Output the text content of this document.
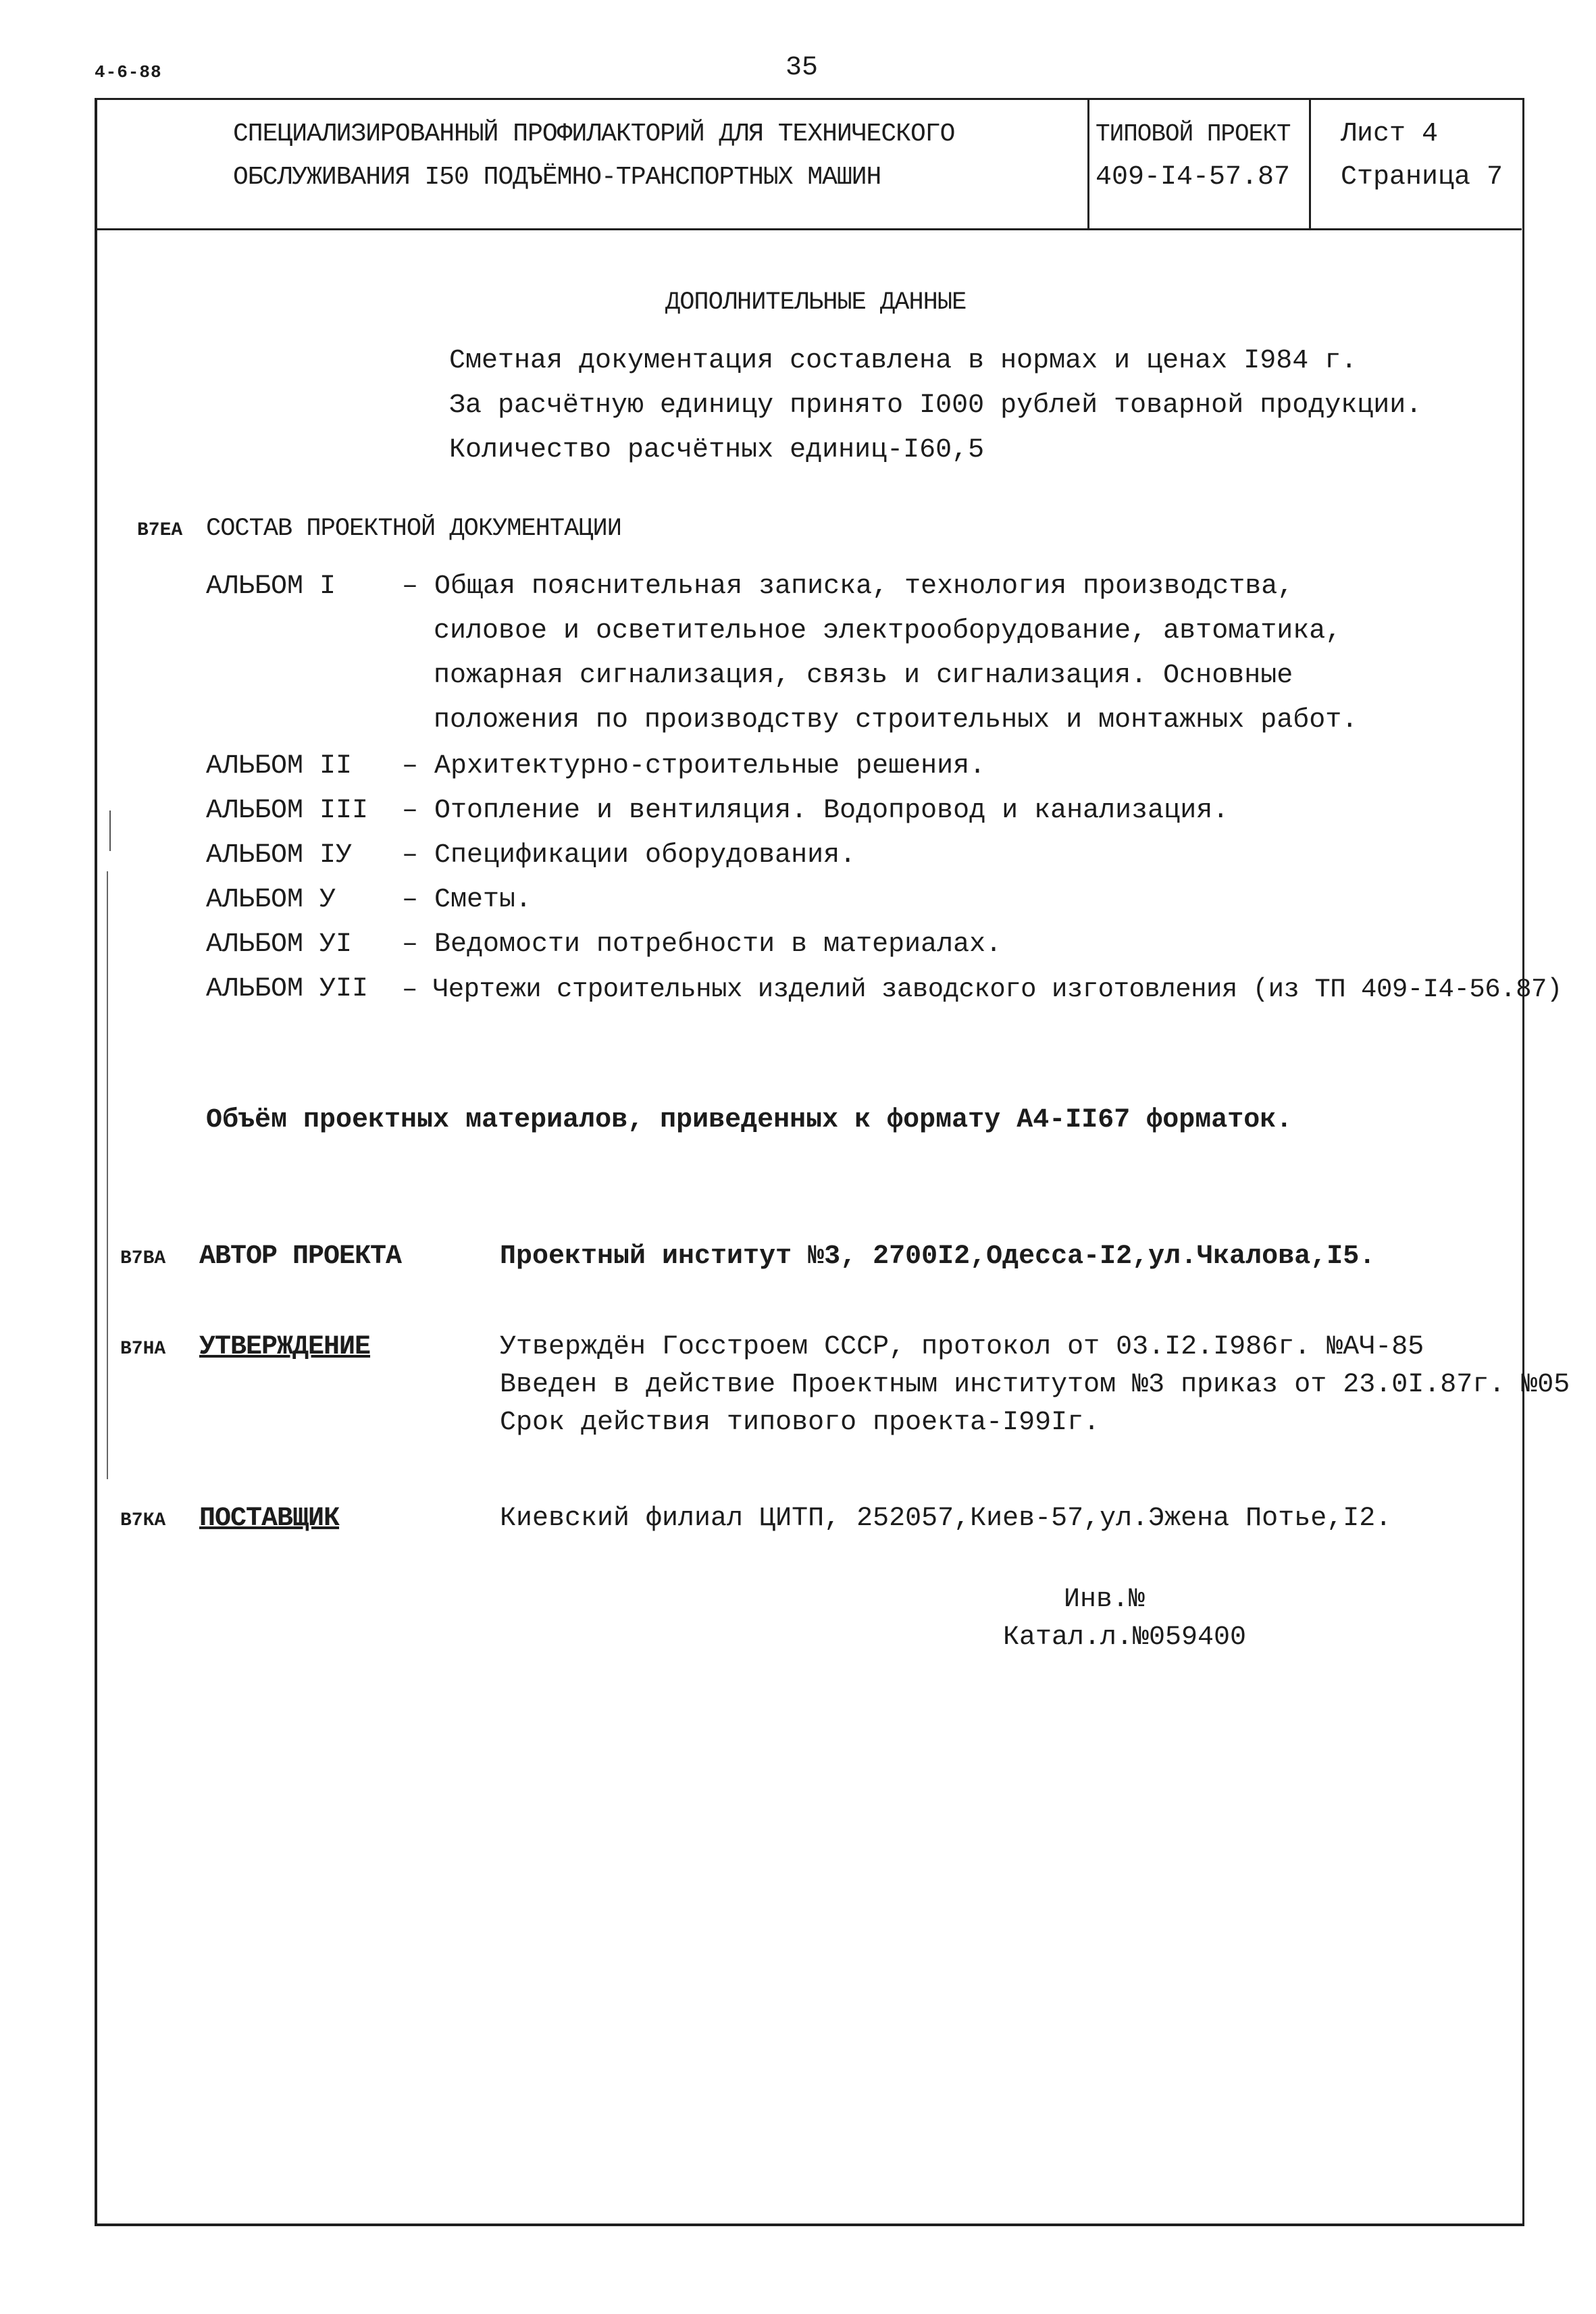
4-6-88	35
СПЕЦИАЛИЗИРОВАННЫЙ ПРОФИЛАКТОРИЙ ДЛЯ ТЕХНИЧЕСКОГО
ОБСЛУЖИВАНИЯ I50 ПОДЪЁМНО-ТРАНСПОРТНЫХ МАШИН
ТИПОВОЙ ПРОЕКТ
409-I4-57.87
Лист 4
Страница 7
ДОПОЛНИТЕЛЬНЫЕ ДАННЫЕ
Сметная документация составлена в нормах и ценах I984 г.
За расчётную единицу принято I000 рублей товарной продукции.
Количество расчётных единиц-I60,5
В7ЕА СОСТАВ ПРОЕКТНОЙ ДОКУМЕНТАЦИИ
АЛЬБОМ I – Общая пояснительная записка, технология производства,
силовое и осветительное электрооборудование, автоматика,
пожарная сигнализация, связь и сигнализация. Основные
положения по производству строительных и монтажных работ.
АЛЬБОМ II – Архитектурно-строительные решения.
АЛЬБОМ III – Отопление и вентиляция. Водопровод и канализация.
АЛЬБОМ IУ – Спецификации оборудования.
АЛЬБОМ У – Сметы.
АЛЬБОМ УI – Ведомости потребности в материалах.
АЛЬБОМ УII – Чертежи строительных изделий заводского изготовления (из ТП 409-I4-56.87)
Объём проектных материалов, приведенных к формату А4-II67 форматок.
В7ВА АВТОР ПРОЕКТА	Проектный институт №3, 2700I2,Одесса-I2,ул.Чкалова,I5.
В7НА УТВЕРЖДЕНИЕ	Утверждён Госстроем СССР, протокол от 03.I2.I986г. №АЧ-85
Введен в действие Проектным институтом №3 приказ от 23.0I.87г. №05
Срок действия типового проекта-I99Iг.
В7КА ПОСТАВЩИК	Киевский филиал ЦИТП, 252057,Киев-57,ул.Эжена Потье,I2.
Инв.№
Катал.л.№059400
